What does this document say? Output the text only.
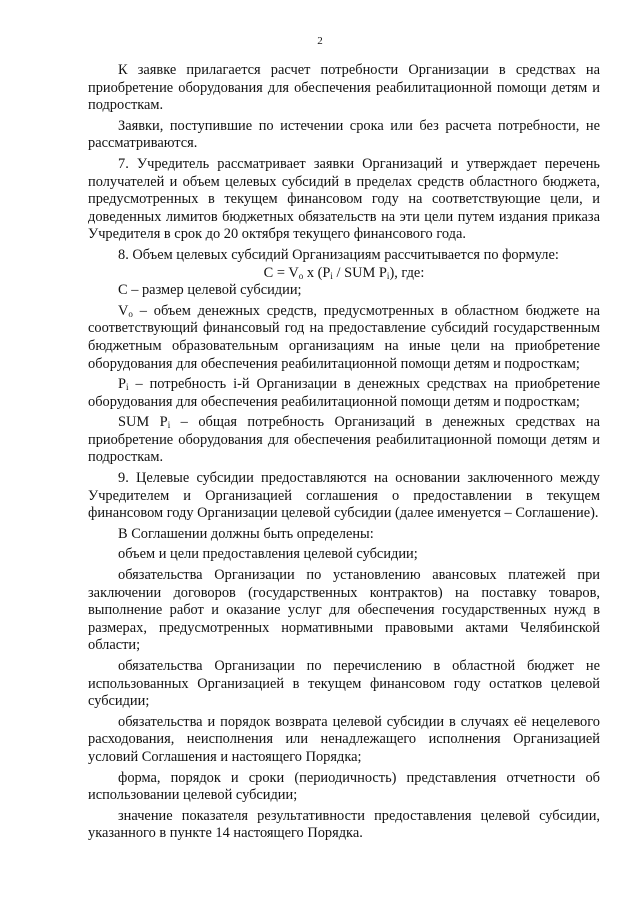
2

К заявке прилагается расчет потребности Организации в средствах на приобретение оборудования для обеспечения реабилитационной помощи детям и подросткам.

Заявки, поступившие по истечении срока или без расчета потребности, не рассматриваются.

7. Учредитель рассматривает заявки Организаций и утверждает перечень получателей и объем целевых субсидий в пределах средств областного бюджета, предусмотренных в текущем финансовом году на соответствующие цели, и доведенных лимитов бюджетных обязательств на эти цели путем издания приказа Учредителя в срок до 20 октября текущего финансового года.

8. Объем целевых субсидий Организациям рассчитывается по формуле:

$C = V_o$ x ($P_i$ / SUM $P_i$), где:

С – размер целевой субсидии;

$V_o$ – объем денежных средств, предусмотренных в областном бюджете на соответствующий финансовый год на предоставление субсидий государственным бюджетным образовательным организациям на иные цели на приобретение оборудования для обеспечения реабилитационной помощи детям и подросткам;

$P_i$ – потребность i-й Организации в денежных средствах на приобретение оборудования для обеспечения реабилитационной помощи детям и подросткам;

SUM $P_i$ – общая потребность Организаций в денежных средствах на приобретение оборудования для обеспечения реабилитационной помощи детям и подросткам.

9. Целевые субсидии предоставляются на основании заключенного между Учредителем и Организацией соглашения о предоставлении в текущем финансовом году Организации целевой субсидии (далее именуется – Соглашение).

В Соглашении должны быть определены:

объем и цели предоставления целевой субсидии;

обязательства Организации по установлению авансовых платежей при заключении договоров (государственных контрактов) на поставку товаров, выполнение работ и оказание услуг для обеспечения государственных нужд в размерах, предусмотренных нормативными правовыми актами Челябинской области;

обязательства Организации по перечислению в областной бюджет не использованных Организацией в текущем финансовом году остатков целевой субсидии;

обязательства и порядок возврата целевой субсидии в случаях её нецелевого расходования, неисполнения или ненадлежащего исполнения Организацией условий Соглашения и настоящего Порядка;

форма, порядок и сроки (периодичность) представления отчетности об использовании целевой субсидии;

значение показателя результативности предоставления целевой субсидии, указанного в пункте 14 настоящего Порядка.
